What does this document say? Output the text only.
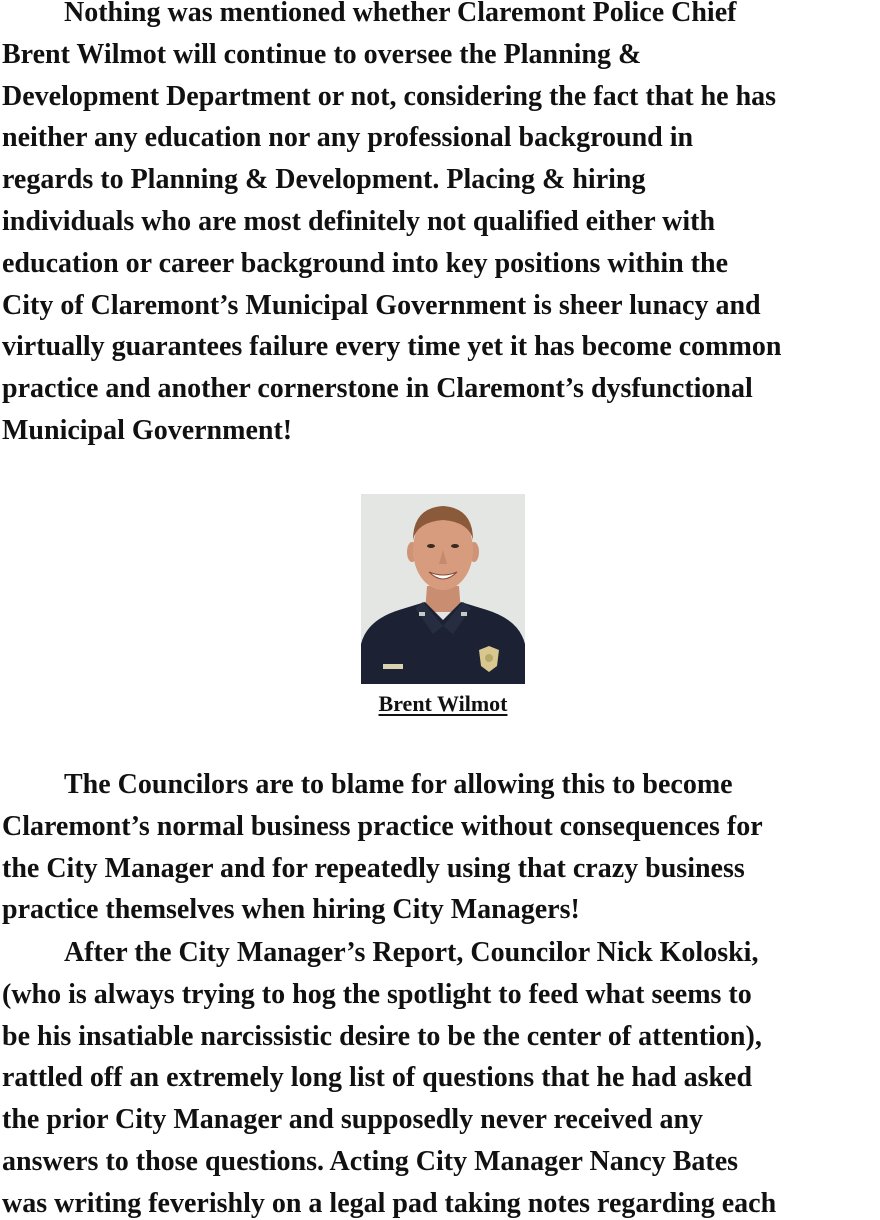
Nothing was mentioned whether Claremont Police Chief
Brent Wilmot will continue to oversee the Planning &
Development Department or not, considering the fact that he has
neither any education nor any professional background in
regards to Planning & Development. Placing & hiring
individuals who are most definitely not qualified either with
education or career background into key positions within the
City of Claremont’s Municipal Government is sheer lunacy and
virtually guarantees failure every time yet it has become common
practice and another cornerstone in Claremont’s dysfunctional
Municipal Government!

Brent Wilmot

The Councilors are to blame for allowing this to become
Claremont’s normal business practice without consequences for
the City Manager and for repeatedly using that crazy business
practice themselves when hiring City Managers!

After the City Manager’s Report, Councilor Nick Koloski,
(who is always trying to hog the spotlight to feed what seems to
be his insatiable narcissistic desire to be the center of attention),
rattled off an extremely long list of questions that he had asked
the prior City Manager and supposedly never received any
answers to those questions. Acting City Manager Nancy Bates
was writing feverishly on a legal pad taking notes regarding each
